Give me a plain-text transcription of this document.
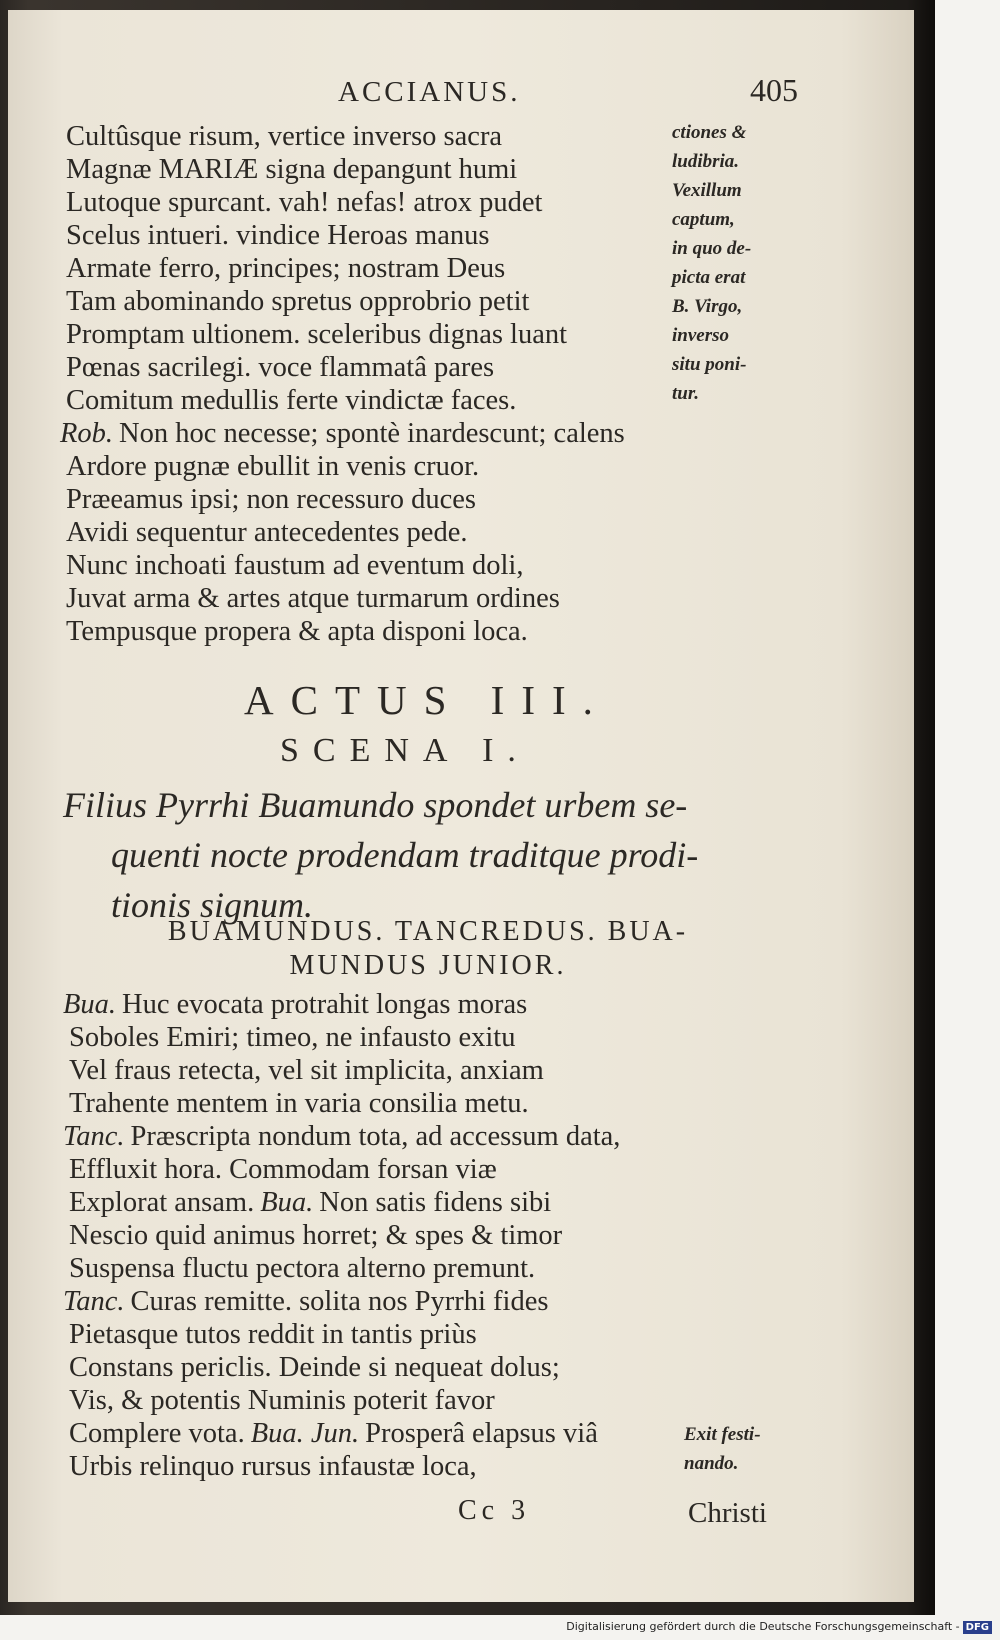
ACCIANUS.	405
Cultûsque risum, vertice inverso sacra
Magnæ MARIÆ signa depangunt humi
Lutoque spurcant. vah! nefas! atrox pudet
Scelus intueri. vindice Heroas manus
Armate ferro, principes; nostram Deus
Tam abominando spretus opprobrio petit
Promptam ultionem. sceleribus dignas luant
Pœnas sacrilegi. voce flammatâ pares
Comitum medullis ferte vindictæ faces.
Rob. Non hoc necesse; spontè inardescunt; calens
Ardore pugnæ ebullit in venis cruor.
Præeamus ipsi; non recessuro duces
Avidi sequentur antecedentes pede.
Nunc inchoati faustum ad eventum doli,
Juvat arma & artes atque turmarum ordines
Tempusque propera & apta disponi loca.
ctiones &
ludibria.
Vexillum
captum,
in quo de-
picta erat
B. Virgo,
inverso
situ poni-
tur.
ACTUS III.
SCENA I.
Filius Pyrrhi Buamundo spondet urbem se-
quenti nocte prodendam traditque prodi-
tionis signum.
BUAMUNDUS. TANCREDUS. BUA-
MUNDUS JUNIOR.
Bua. Huc evocata protrahit longas moras
Soboles Emiri; timeo, ne infausto exitu
Vel fraus retecta, vel sit implicita, anxiam
Trahente mentem in varia consilia metu.
Tanc. Præscripta nondum tota, ad accessum data,
Effluxit hora. Commodam forsan viæ
Explorat ansam. Bua. Non satis fidens sibi
Nescio quid animus horret; & spes & timor
Suspensa fluctu pectora alterno premunt.
Tanc. Curas remitte. solita nos Pyrrhi fides
Pietasque tutos reddit in tantis priùs
Constans periclis. Deinde si nequeat dolus;
Vis, & potentis Numinis poterit favor
Complere vota. Bua. Jun. Prosperâ elapsus viâ
Urbis relinquo rursus infaustæ loca,
Exit festi-
nando.
Cc 3	Christi
Digitalisierung gefördert durch die Deutsche Forschungsgemeinschaft - DFG
